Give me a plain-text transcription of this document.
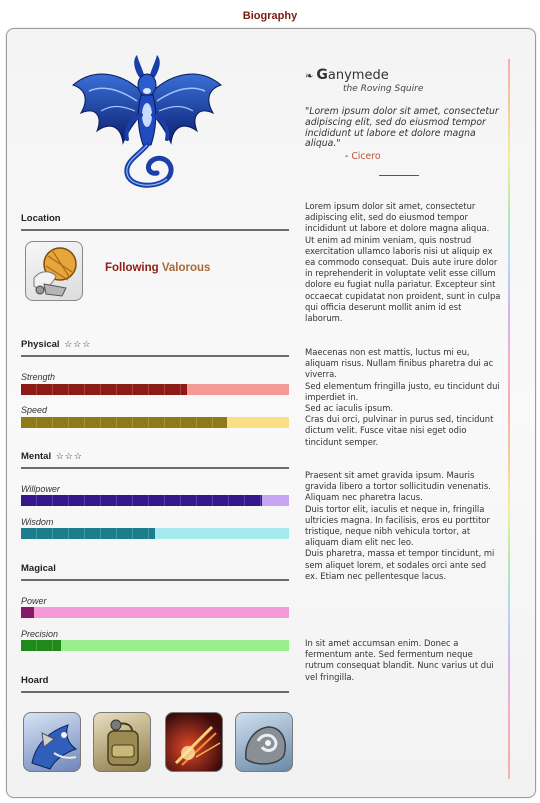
Biography
Location
Following Valorous
Physical ☆☆☆
Strength
Speed
Mental ☆☆☆
Willpower
Wisdom
Magical
Power
Precision
Hoard
❧ Ganymede
the Roving Squire
"Lorem ipsum dolor sit amet, consectetur adipiscing elit, sed do eiusmod tempor incididunt ut labore et dolore magna aliqua."
- Cicero

Lorem ipsum dolor sit amet, consectetur adipiscing elit, sed do eiusmod tempor incididunt ut labore et dolore magna aliqua. Ut enim ad minim veniam, quis nostrud exercitation ullamco laboris nisi ut aliquip ex ea commodo consequat. Duis aute irure dolor in reprehenderit in voluptate velit esse cillum dolore eu fugiat nulla pariatur. Excepteur sint occaecat cupidatat non proident, sunt in culpa qui officia deserunt mollit anim id est laborum.

Maecenas non est mattis, luctus mi eu, aliquam risus. Nullam finibus pharetra dui ac viverra.
Sed elementum fringilla justo, eu tincidunt dui imperdiet in.
Sed ac iaculis ipsum.
Cras dui orci, pulvinar in purus sed, tincidunt dictum velit. Fusce vitae nisi eget odio tincidunt semper.

Praesent sit amet gravida ipsum. Mauris gravida libero a tortor sollicitudin venenatis.
Aliquam nec pharetra lacus.
Duis tortor elit, iaculis et neque in, fringilla ultricies magna. In facilisis, eros eu porttitor tristique, neque nibh vehicula tortor, at aliquam diam elit nec leo.
Duis pharetra, massa et tempor tincidunt, mi sem aliquet lorem, et sodales orci ante sed ex. Etiam nec pellentesque lacus.

In sit amet accumsan enim. Donec a fermentum ante. Sed fermentum neque rutrum consequat blandit. Nunc varius ut dui vel fringilla.
